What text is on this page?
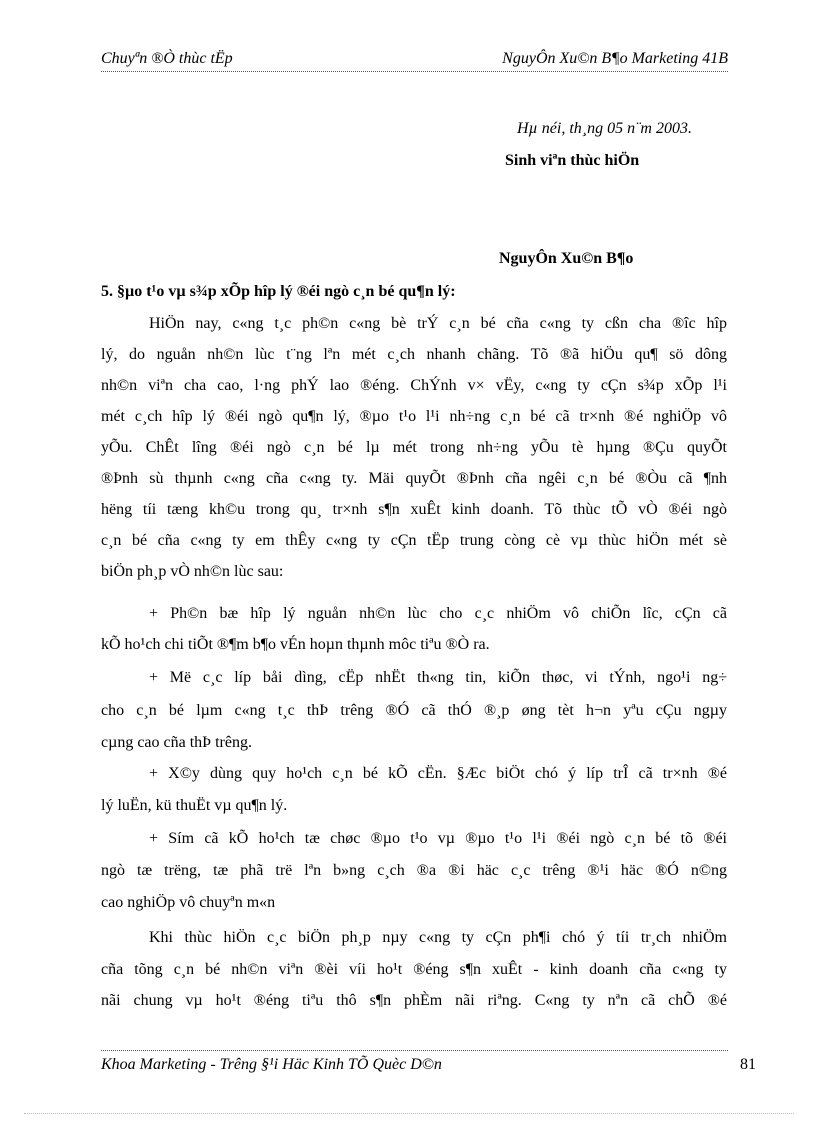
Chuyªn ®Ò thùc tËp	NguyÔn Xu©n B¶o Marketing 41B
Hµ néi, th¸ng 05 n¨m 2003.
Sinh viªn thùc hiÖn
NguyÔn Xu©n B¶o
5. §µo t¹o vµ s¾p xÕp hîp lý ®éi ngò c¸n bé qu¶n lý:
HiÖn nay, c«ng t¸c ph©n c«ng bè trÝ c¸n bé cña c«ng ty cßn cha ®îc hîp
lý, do nguån nh©n lùc t¨ng lªn mét c¸ch nhanh chãng. Tõ ®ã hiÖu qu¶ sö dông
nh©n viªn cha cao, l·ng phÝ lao ®éng. ChÝnh v× vËy, c«ng ty cÇn s¾p xÕp l¹i
mét c¸ch hîp lý ®éi ngò qu¶n lý, ®µo t¹o l¹i nh÷ng c¸n bé cã tr×nh ®é nghiÖp vô
yÕu. ChÊt lîng ®éi ngò c¸n bé lµ mét trong nh÷ng yÕu tè hµng ®Çu quyÕt
®Þnh sù thµnh c«ng cña c«ng ty. Mäi quyÕt ®Þnh cña ngêi c¸n bé ®Òu cã ¶nh
hëng tíi tæng kh©u trong qu¸ tr×nh s¶n xuÊt kinh doanh. Tõ thùc tÕ vÒ ®éi ngò
c¸n bé cña c«ng ty em thÊy c«ng ty cÇn tËp trung còng cè vµ thùc hiÖn mét sè
biÖn ph¸p vÒ nh©n lùc sau:
+ Ph©n bæ hîp lý nguån nh©n lùc cho c¸c nhiÖm vô chiÕn lîc, cÇn cã
kÕ ho¹ch chi tiÕt ®¶m b¶o vÉn hoµn thµnh môc tiªu ®Ò ra.
+ Më c¸c líp båi dìng, cËp nhËt th«ng tin, kiÕn thøc, vi tÝnh, ngo¹i ng÷
cho c¸n bé lµm c«ng t¸c thÞ trêng ®Ó cã thÓ ®¸p øng tèt h¬n yªu cÇu ngµy
cµng cao cña thÞ trêng.
+ X©y dùng quy ho¹ch c¸n bé kÕ cËn. §Æc biÖt chó ý líp trÎ cã tr×nh ®é
lý luËn, kü thuËt vµ qu¶n lý.
+ Sím cã kÕ ho¹ch tæ chøc ®µo t¹o vµ ®µo t¹o l¹i ®éi ngò c¸n bé tõ ®éi
ngò tæ trëng, tæ phã trë lªn b»ng c¸ch ®a ®i häc c¸c trêng ®¹i häc ®Ó n©ng
cao nghiÖp vô chuyªn m«n
Khi thùc hiÖn c¸c biÖn ph¸p nµy c«ng ty cÇn ph¶i chó ý tíi tr¸ch nhiÖm
cña tõng c¸n bé nh©n viªn ®èi víi ho¹t ®éng s¶n xuÊt - kinh doanh cña c«ng ty
nãi chung vµ ho¹t ®éng tiªu thô s¶n phÈm nãi riªng. C«ng ty nªn cã chÕ ®é
Khoa Marketing - Trêng §¹i Häc Kinh TÕ Quèc D©n	81
